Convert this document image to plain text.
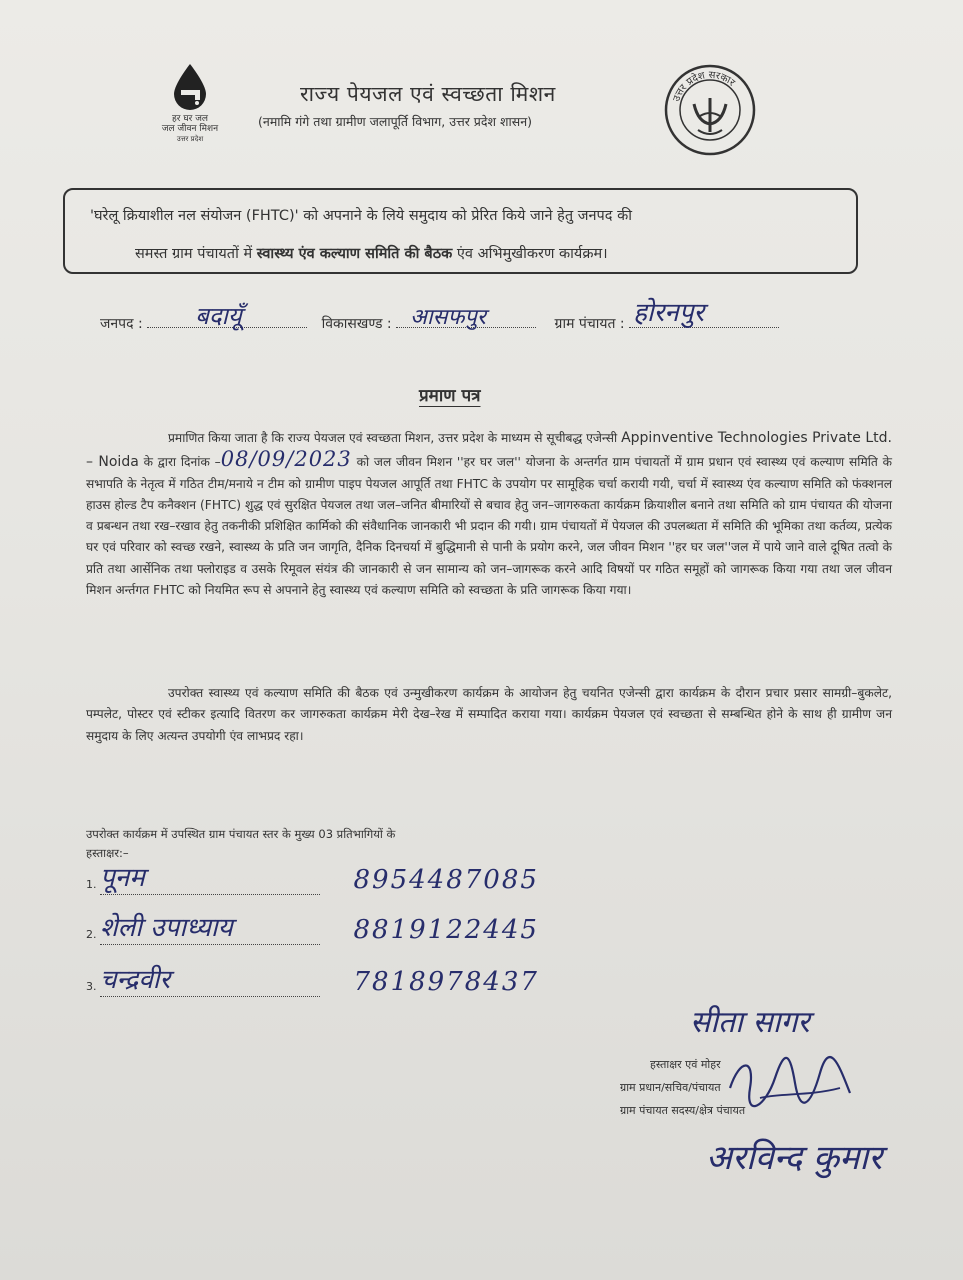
हर घर जल
जल जीवन मिशन
उत्तर प्रदेश
राज्य पेयजल एवं स्वच्छता मिशन
(नमामि गंगे तथा ग्रामीण जलापूर्ति विभाग, उत्तर प्रदेश शासन)
उत्तर प्रदेश सरकार
'घरेलू क्रियाशील नल संयोजन (FHTC)' को अपनाने के लिये समुदाय को प्रेरित किये जाने हेतु जनपद की
समस्त ग्राम पंचायतों में स्वास्थ्य एंव कल्याण समिति की बैठक एंव अभिमुखीकरण कार्यक्रम।
जनपद : बदायूँ	विकासखण्ड : आसफपुर	ग्राम पंचायत : होरनपुर
प्रमाण पत्र
प्रमाणित किया जाता है कि राज्य पेयजल एवं स्वच्छता मिशन, उत्तर प्रदेश के माध्यम से सूचीबद्ध एजेन्सी Appinventive Technologies Private Ltd. – Noida के द्वारा दिनांक –08/09/2023 को जल जीवन मिशन ''हर घर जल'' योजना के अन्तर्गत ग्राम पंचायतों में ग्राम प्रधान एवं स्वास्थ्य एवं कल्याण समिति के सभापति के नेतृत्व में गठित टीम/मनाये न टीम को ग्रामीण पाइप पेयजल आपूर्ति तथा FHTC के उपयोग पर सामूहिक चर्चा करायी गयी, चर्चा में स्वास्थ्य एंव कल्याण समिति को फंक्शनल हाउस होल्ड टैप कनैक्शन (FHTC) शुद्ध एवं सुरक्षित पेयजल तथा जल–जनित बीमारियों से बचाव हेतु जन–जागरुकता कार्यक्रम क्रियाशील बनाने तथा समिति को ग्राम पंचायत की योजना व प्रबन्धन तथा रख–रखाव हेतु तकनीकी प्रशिक्षित कार्मिको की संवैधानिक जानकारी भी प्रदान की गयी। ग्राम पंचायतों में पेयजल की उपलब्धता में समिति की भूमिका तथा कर्तव्य, प्रत्येक घर एवं परिवार को स्वच्छ रखने, स्वास्थ्य के प्रति जन जागृति, दैनिक दिनचर्या में बुद्धिमानी से पानी के प्रयोग करने, जल जीवन मिशन ''हर घर जल''जल में पाये जाने वाले दूषित तत्वो के प्रति तथा आर्सेनिक तथा फ्लोराइड व उसके रिमूवल संयंत्र की जानकारी से जन सामान्य को जन–जागरूक करने आदि विषयों पर गठित समूहों को जागरूक किया गया तथा जल जीवन मिशन अर्न्तगत FHTC को नियमित रूप से अपनाने हेतु स्वास्थ्य एवं कल्याण समिति को स्वच्छता के प्रति जागरूक किया गया।
उपरोक्त स्वास्थ्य एवं कल्याण समिति की बैठक एवं उन्मुखीकरण कार्यक्रम के आयोजन हेतु चयनित एजेन्सी द्वारा कार्यक्रम के दौरान प्रचार प्रसार सामग्री–बुकलेट, पम्पलेट, पोस्टर एवं स्टीकर इत्यादि वितरण कर जागरुकता कार्यक्रम मेरी देख–रेख में सम्पादित कराया गया। कार्यक्रम पेयजल एवं स्वच्छता से सम्बन्धित होने के साथ ही ग्रामीण जन समुदाय के लिए अत्यन्त उपयोगी एंव लाभप्रद रहा।
उपरोक्त कार्यक्रम में उपस्थित ग्राम पंचायत स्तर के मुख्य 03 प्रतिभागियों के
हस्ताक्षर:–
1. पूनम	8954487085
2. शेली उपाध्याय	8819122445
3. चन्द्रवीर	7818978437
सीता सागर
हस्ताक्षर एवं मोहर
ग्राम प्रधान/सचिव/पंचायत
ग्राम पंचायत सदस्य/क्षेत्र पंचायत
अरविन्द कुमार
